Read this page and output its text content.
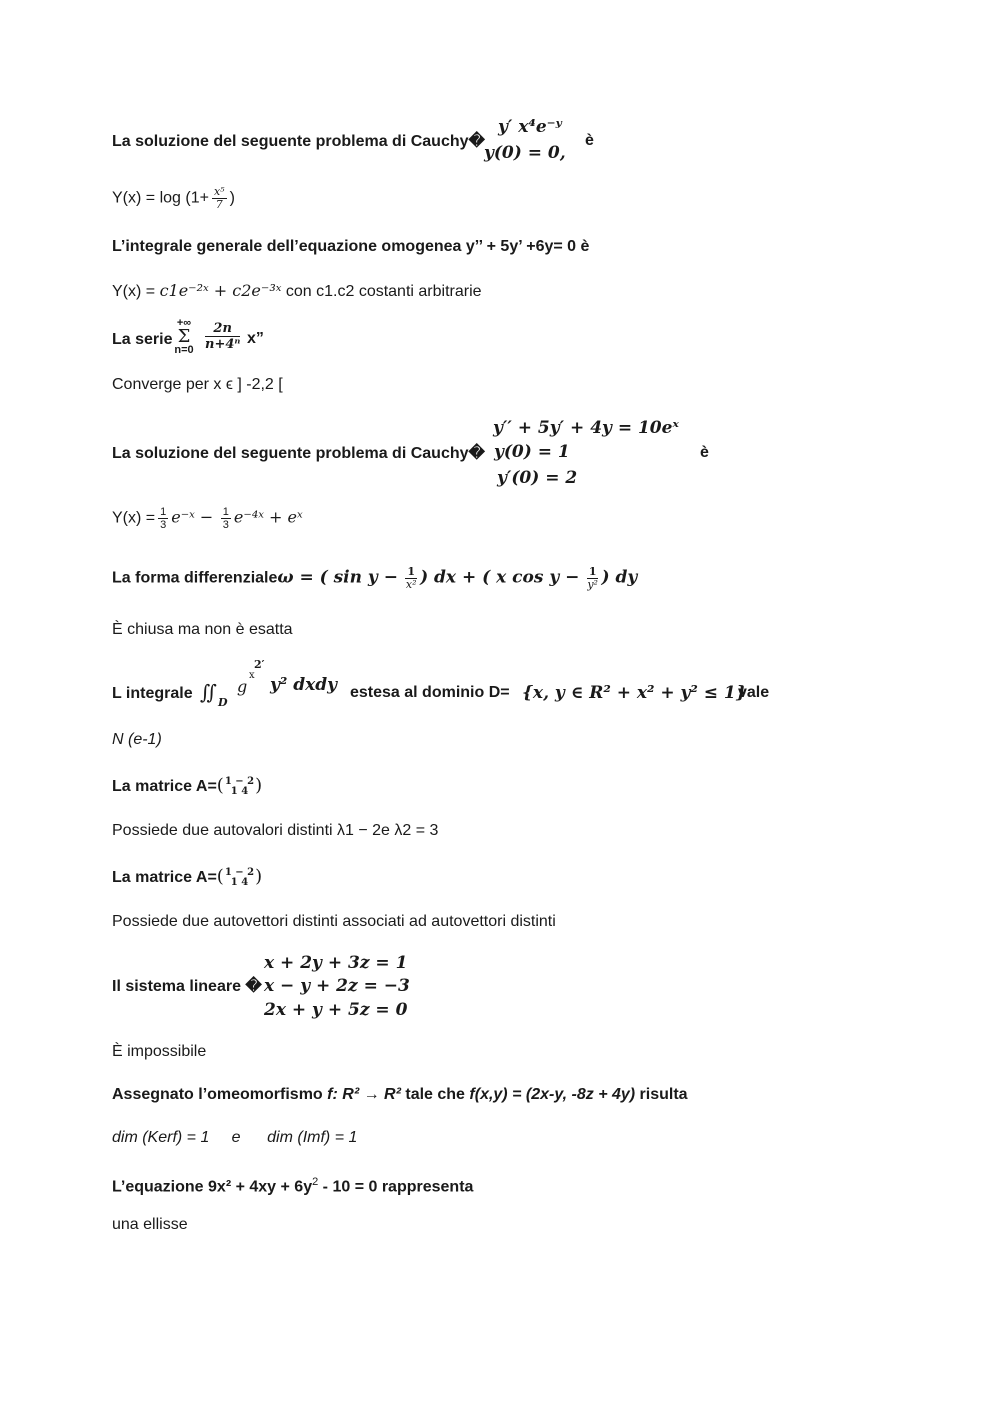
La soluzione del seguente problema di Cauchy�
y′ x⁴e⁻ʸ
y(0) = 0,
è
$Y(x) = \log (1+ \frac{\text{x⁵}}{7}$ )
L’integrale generale dell’equazione omogenea y’’ + 5y’ +6y= 0 è
Y(x) = c1e⁻²ˣ + c2e⁻³ˣ con c1.c2 costanti arbitrarie
La serie
+∞
Σ
$n=0 \frac{2n}{\text{n+4ⁿ}} x$”
Converge per x ϵ ] -2,2 [
y′′ + 5y′ + 4y = 10eˣ
La soluzione del seguente problema di Cauchy� y(0) = 1
y′(0) = 2
è
$Y(x) = \frac{1}{3}$ e⁻ˣ − $\frac{1}{3}$ e⁻⁴ˣ + eˣ
La forma differenzialeω = ( $\sin y - \frac{1}{\text{x²}}$ ) dx + ( x $\cos y - \frac{1}{\text{y²}}$ ) dy
È chiusa ma non è esatta
L integrale ∬ D
g
x
2′
y² dxdy estesa al dominio D= {x, y ∈ R² + x² + y² ≤ 1}
vale
N (e-1)
La matrice A=( 1 − 2
1 4 )
Possiede due autovalori distinti λ1 − 2e λ2 = 3
La matrice A=( 1 − 2
1 4 )
Possiede due autovettori distinti associati ad autovettori distinti
x + 2y + 3z = 1
Il sistema lineare � x − y + 2z = −3
2x + y + 5z = 0
È impossibile
Assegnato l’omeomorfismo f: R² → R² tale che f(x,y) = (2x-y, -8z + 4y) risulta
dim (Kerf) = 1     e      dim (Imf) = 1
L’equazione $9x^2 + 4xy + 6y^2 - 10 = 0$ rappresenta
una ellisse
